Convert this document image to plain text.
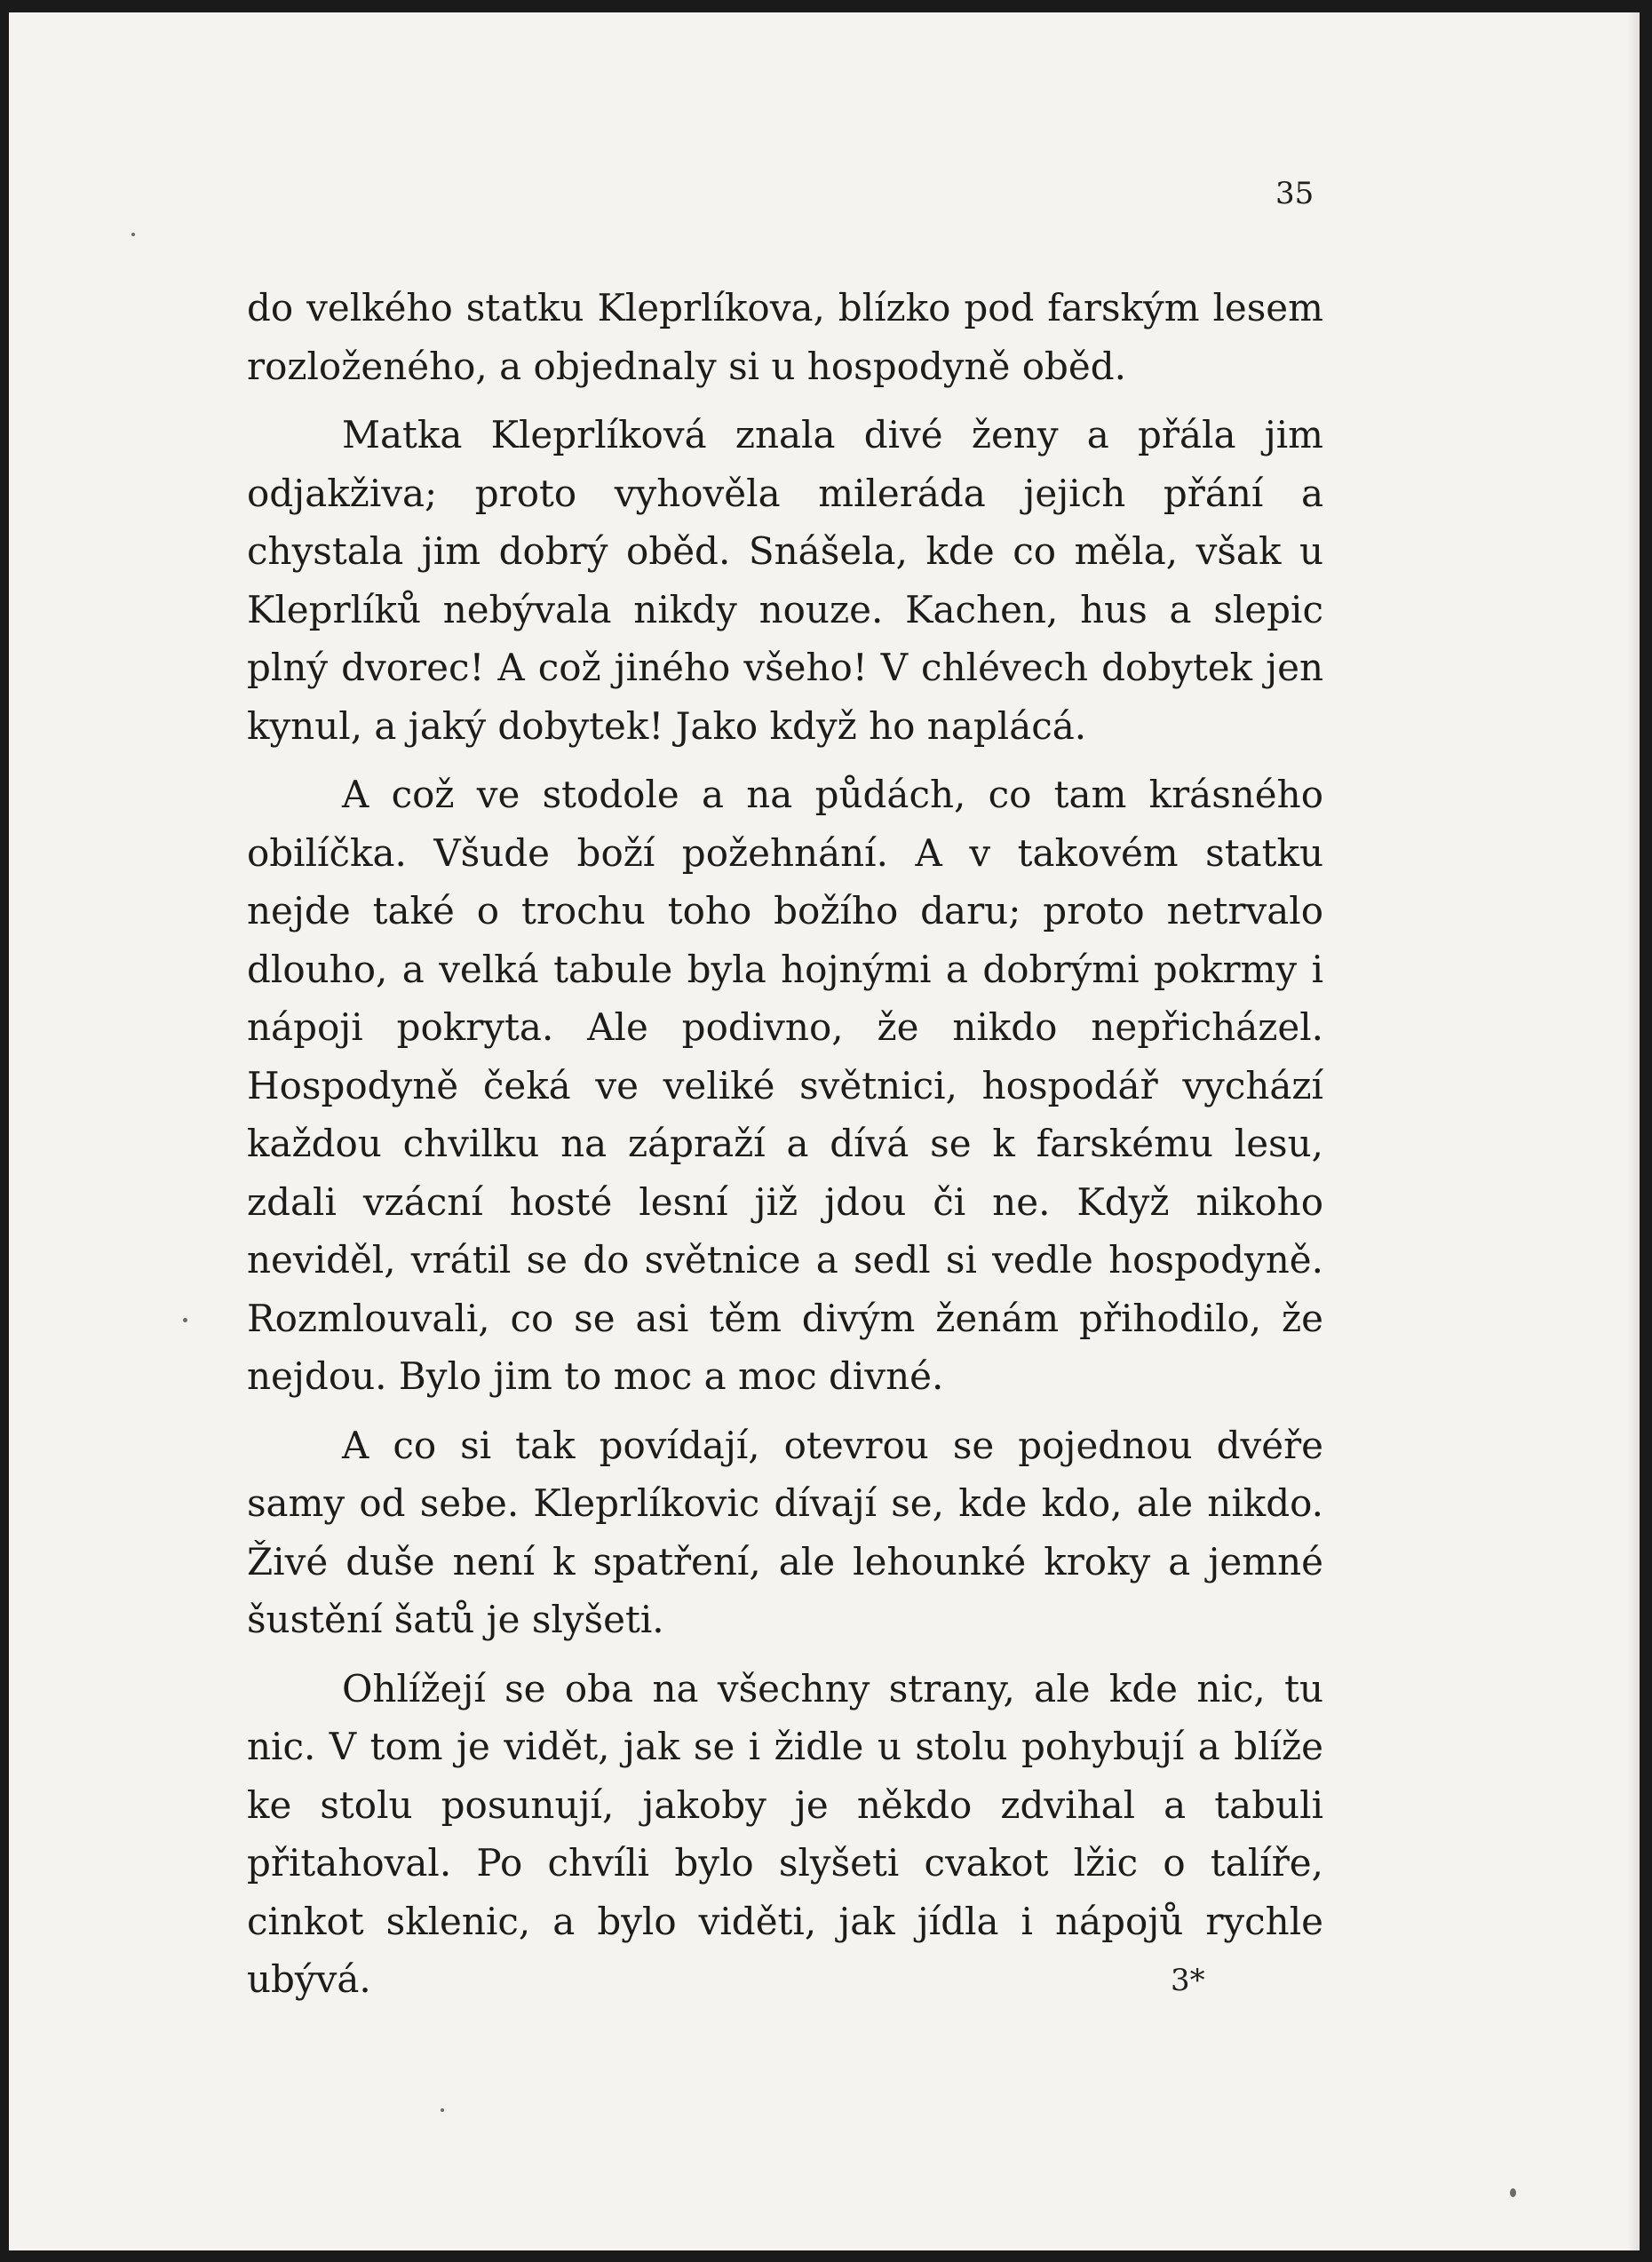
35

do velkého statku Kleprlíkova, blízko pod farským lesem rozloženého, a objednaly si u hospodyně oběd.

Matka Kleprlíková znala divé ženy a přála jim odjakživa; proto vyhověla mileráda jejich přání a chystala jim dobrý oběd. Snášela, kde co měla, však u Kleprlíků nebývala nikdy nouze. Kachen, hus a slepic plný dvorec! A což jiného všeho! V chlévech dobytek jen kynul, a jaký dobytek! Jako když ho naplácá.

A což ve stodole a na půdách, co tam krásného obilíčka. Všude boží požehnání. A v takovém statku nejde také o trochu toho božího daru; proto netrvalo dlouho, a velká tabule byla hojnými a dobrými pokrmy i nápoji pokryta. Ale podivno, že nikdo nepřicházel. Hospodyně čeká ve veliké světnici, hospodář vychází každou chvilku na zápraží a dívá se k farskému lesu, zdali vzácní hosté lesní již jdou či ne. Když nikoho neviděl, vrátil se do světnice a sedl si vedle hospodyně. Rozmlouvali, co se asi těm divým ženám přihodilo, že nejdou. Bylo jim to moc a moc divné.

A co si tak povídají, otevrou se pojednou dvéře samy od sebe. Kleprlíkovic dívají se, kde kdo, ale nikdo. Živé duše není k spatření, ale lehounké kroky a jemné šustění šatů je slyšeti.

Ohlížejí se oba na všechny strany, ale kde nic, tu nic. V tom je vidět, jak se i židle u stolu pohybují a blíže ke stolu posunují, jakoby je někdo zdvihal a tabuli přitahoval. Po chvíli bylo slyšeti cvakot lžic o talíře, cinkot sklenic, a bylo viděti, jak jídla i nápojů rychle ubývá.	3*
